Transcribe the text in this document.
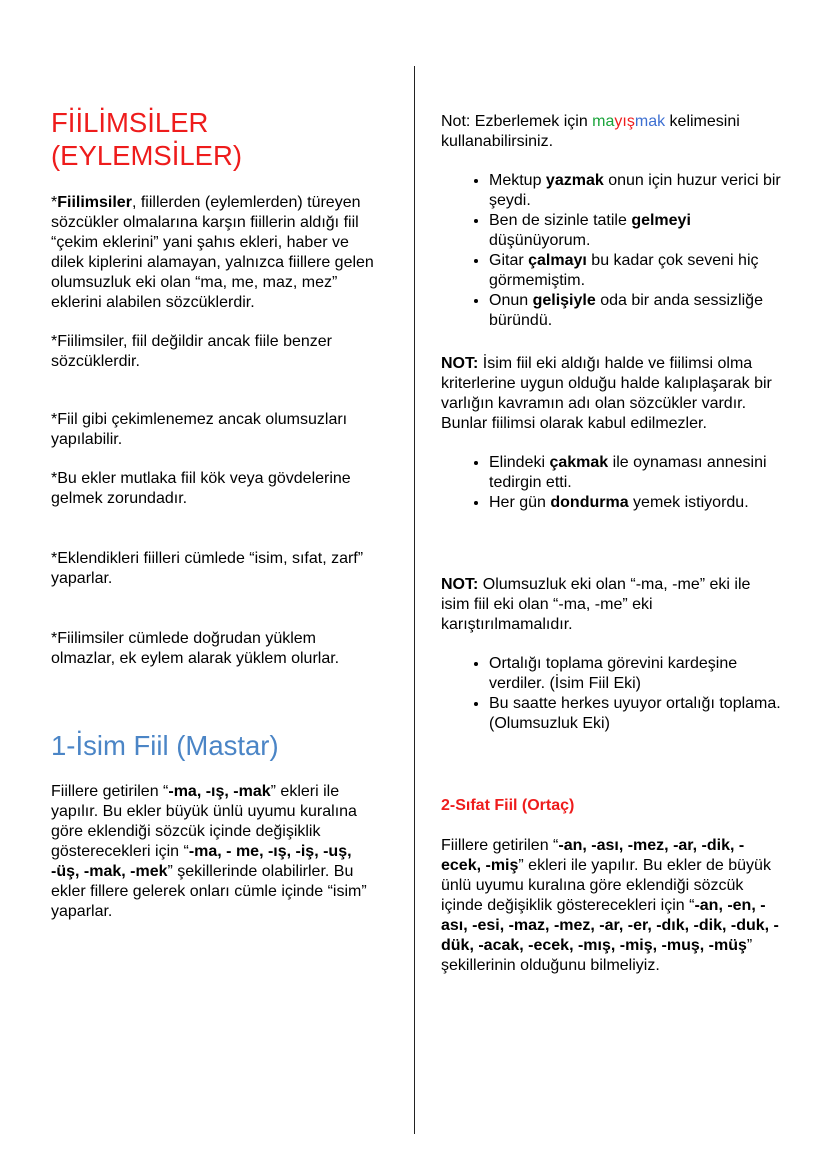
FİİLİMSİLER
(EYLEMSİLER)

*Fiilimsiler, fiillerden (eylemlerden) türeyen sözcükler olmalarına karşın fiillerin aldığı fiil “çekim eklerini” yani şahıs ekleri, haber ve dilek kiplerini alamayan, yalnızca fiillere gelen olumsuzluk eki olan “ma, me, maz, mez” eklerini alabilen sözcüklerdir.

*Fiilimsiler, fiil değildir ancak fiile benzer sözcüklerdir.

*Fiil gibi çekimlenemez ancak olumsuzları yapılabilir.

*Bu ekler mutlaka fiil kök veya gövdelerine gelmek zorundadır.

*Eklendikleri fiilleri cümlede “isim, sıfat, zarf” yaparlar.

*Fiilimsiler cümlede doğrudan yüklem olmazlar, ek eylem alarak yüklem olurlar.

1-İsim Fiil (Mastar)

Fiillere getirilen “-ma, -ış, -mak” ekleri ile yapılır. Bu ekler büyük ünlü uyumu kuralına göre eklendiği sözcük içinde değişiklik gösterecekleri için “-ma, - me, -ış, -iş, -uş, -üş, -mak, -mek” şekillerinde olabilirler. Bu ekler fillere gelerek onları cümle içinde “isim” yaparlar.

Not: Ezberlemek için mayışmak kelimesini kullanabilirsiniz.

• Mektup yazmak onun için huzur verici bir şeydi.
• Ben de sizinle tatile gelmeyi düşünüyorum.
• Gitar çalmayı bu kadar çok seveni hiç görmemiştim.
• Onun gelişiyle oda bir anda sessizliğe büründü.

NOT: İsim fiil eki aldığı halde ve fiilimsi olma kriterlerine uygun olduğu halde kalıplaşarak bir varlığın kavramın adı olan sözcükler vardır. Bunlar fiilimsi olarak kabul edilmezler.

• Elindeki çakmak ile oynaması annesini tedirgin etti.
• Her gün dondurma yemek istiyordu.

NOT: Olumsuzluk eki olan “-ma, -me” eki ile isim fiil eki olan “-ma, -me” eki karıştırılmamalıdır.

• Ortalığı toplama görevini kardeşine verdiler. (İsim Fiil Eki)
• Bu saatte herkes uyuyor ortalığı toplama. (Olumsuzluk Eki)
2-Sıfat Fiil (Ortaç)

Fiillere getirilen “-an, -ası, -mez, -ar, -dik, -ecek, -miş” ekleri ile yapılır. Bu ekler de büyük ünlü uyumu kuralına göre eklendiği sözcük içinde değişiklik gösterecekleri için “-an, -en, -ası, -esi, -maz, -mez, -ar, -er, -dık, -dik, -duk, -dük, -acak, -ecek, -mış, -miş, -muş, -müş” şekillerinin olduğunu bilmeliyiz.
